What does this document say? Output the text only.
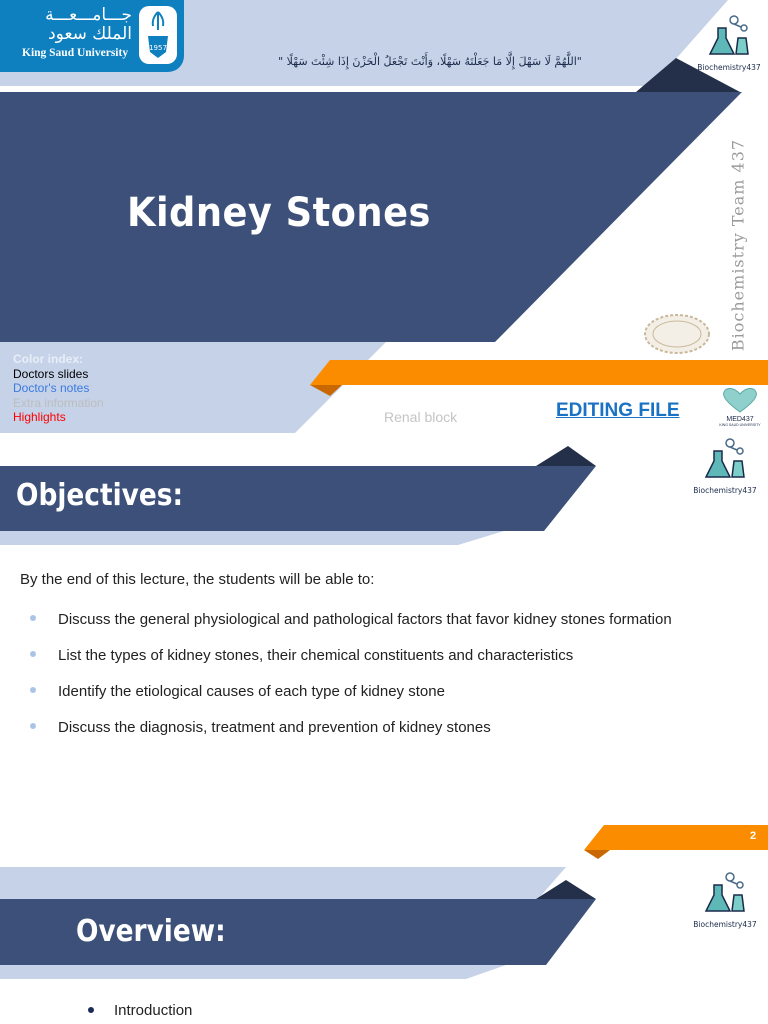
جـــامـــعـــة الملك سعود
King Saud University	1957
"اللَّهُمَّ لَا سَهْلَ إِلَّا مَا جَعَلْتَهُ سَهْلًا، وَأَنْتَ تَجْعَلُ الْحَزْنَ إِذَا شِئْتَ سَهْلًا "	Biochemistry437
Kidney Stones	Biochemistry Team 437
Color index:
Doctors slides
Doctor's notes
Extra information
Highlights	Renal block	EDITING FILE	MED437
KING SAUD UNIVERSITY
Biochemistry437
Objectives:
By the end of this lecture, the students will be able to:
Discuss the general physiological and pathological factors that favor kidney stones formation
List the types of kidney stones, their chemical constituents and characteristics
Identify the etiological causes of each type of kidney stone
Discuss the diagnosis, treatment and prevention of kidney stones
2
Biochemistry437
Overview:
Introduction
